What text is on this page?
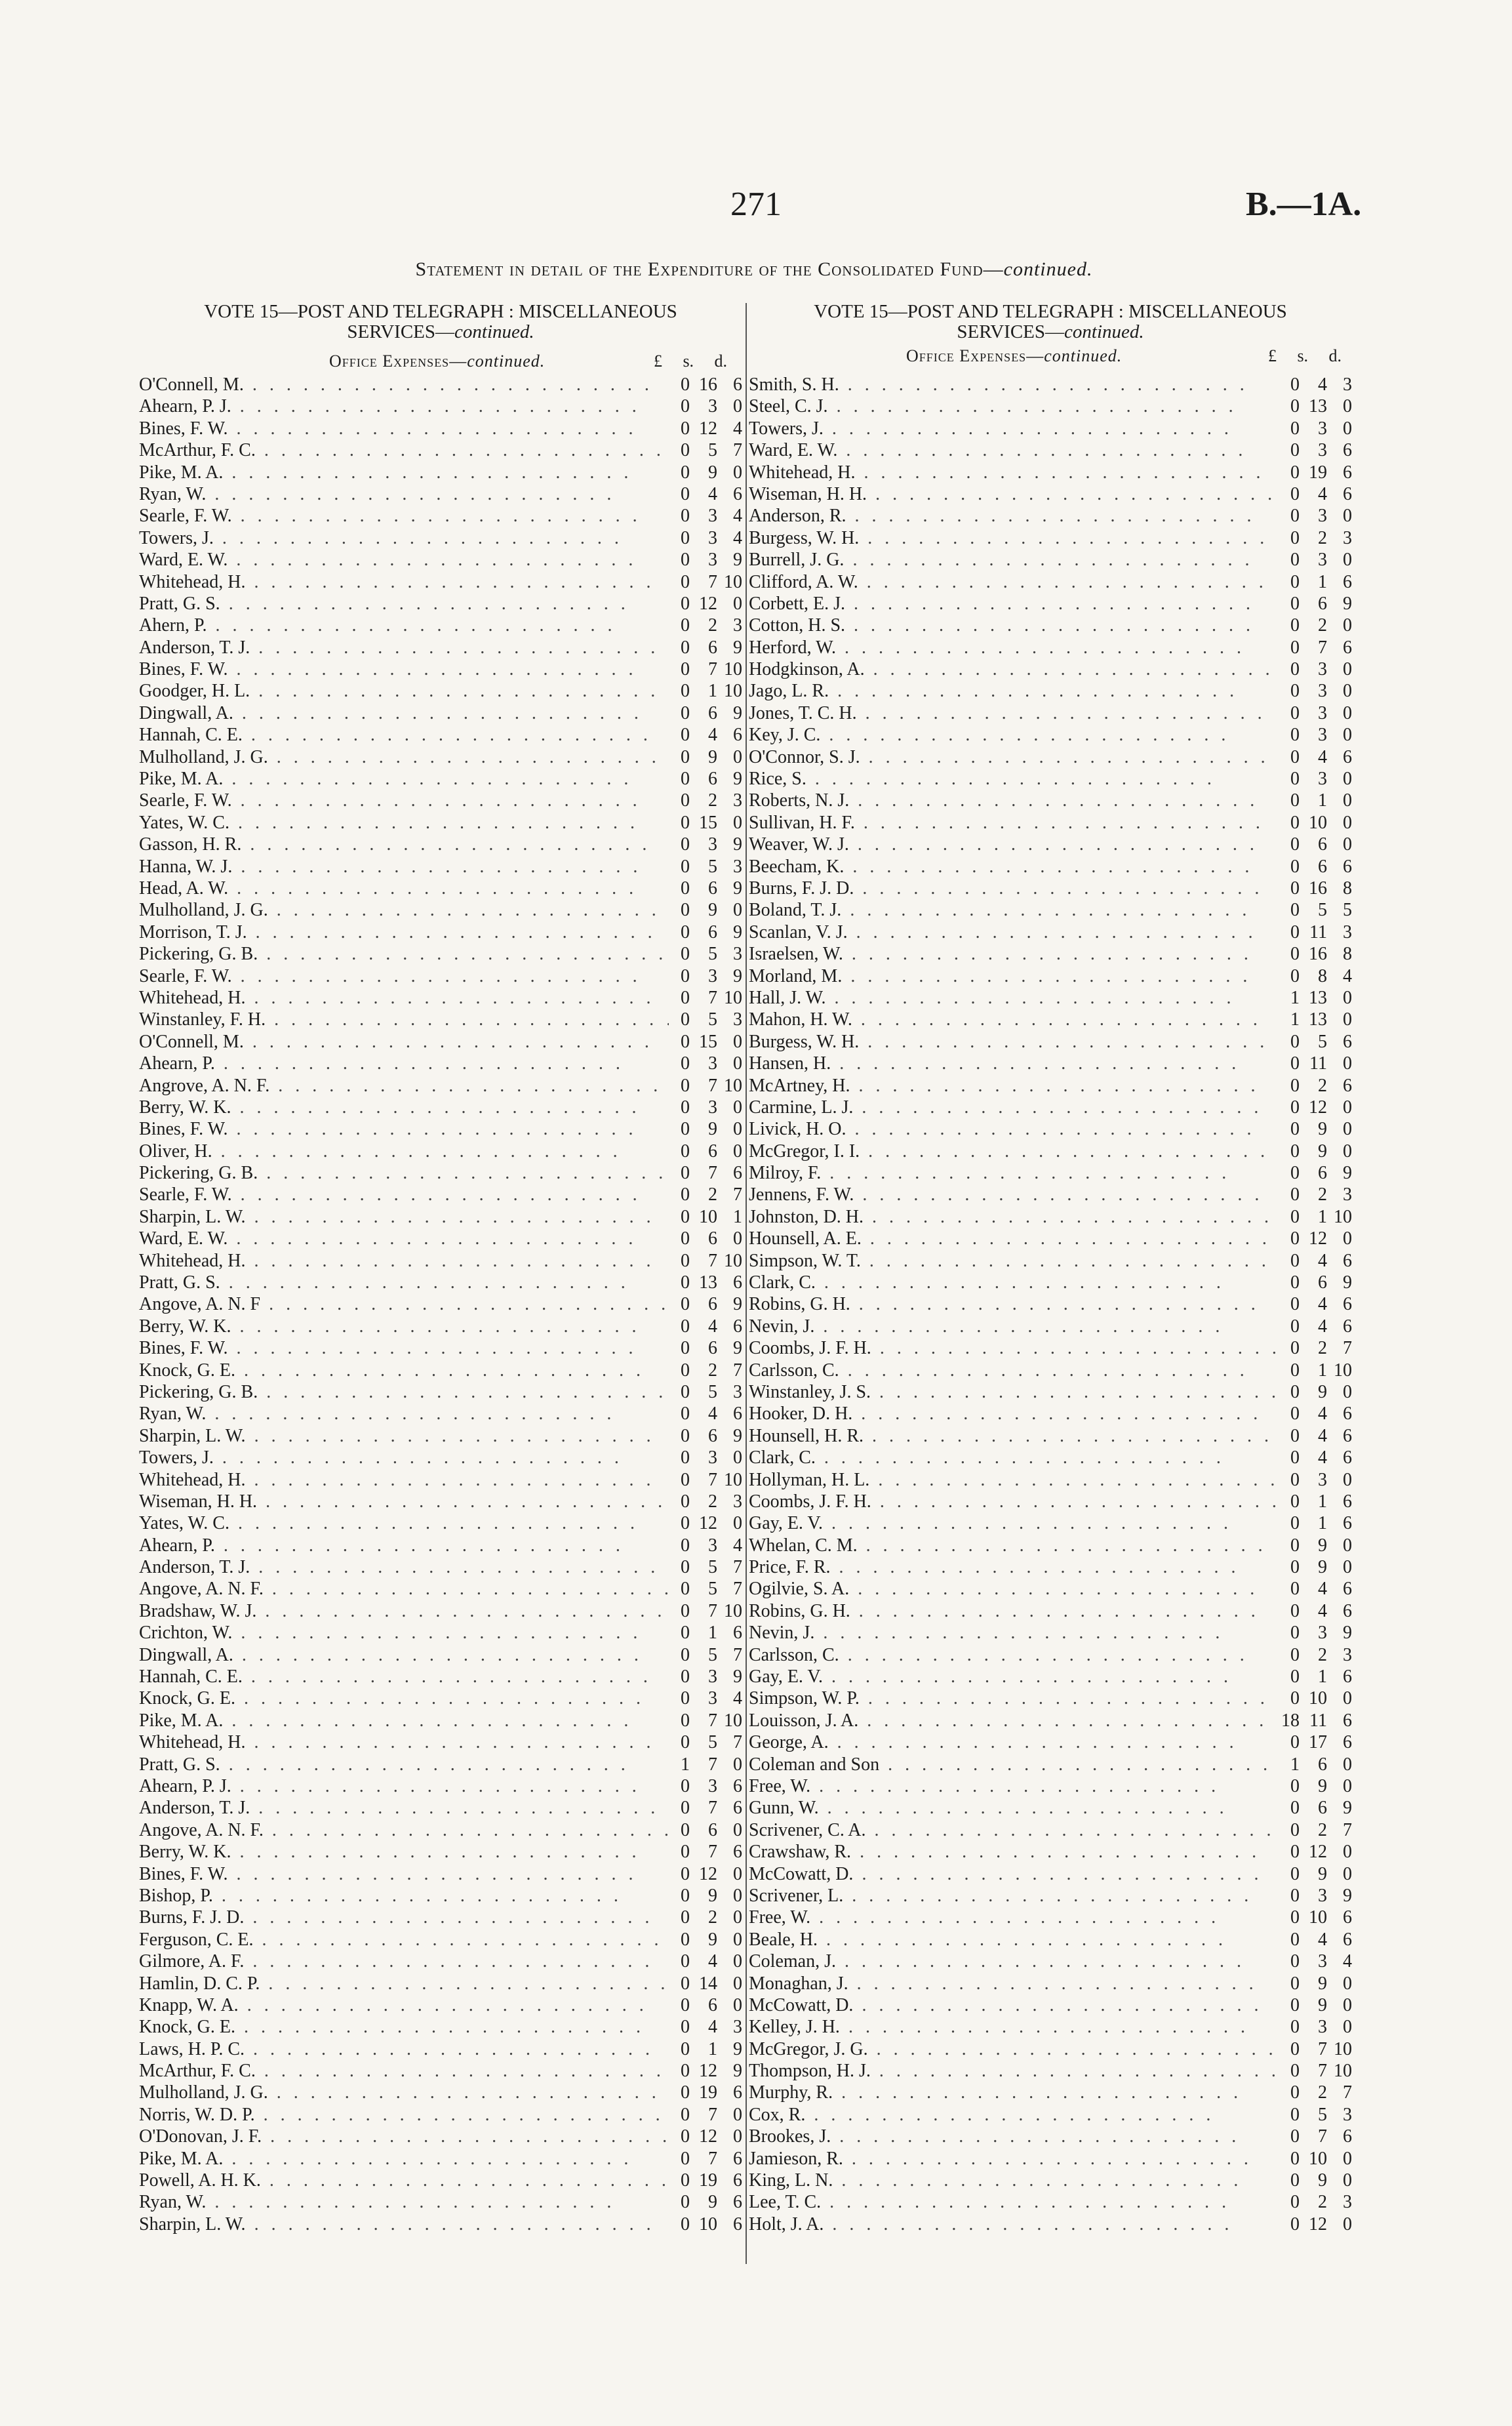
271	B.—1A.
Statement in detail of the Expenditure of the Consolidated Fund—continued.
VOTE 15—POST AND TELEGRAPH : MISCELLANEOUS
SERVICES—continued.
Office Expenses—continued.	£ s. d.
O'Connell, M. . .	0 16 6
Ahearn, P. J. . .	0	3 0
Bines, F. W. . .	0 12 4
McArthur, F. C. . .	0	5 7
Pike, M. A. . .	0	9 0
Ryan, W. . .	0	4 6
Searle, F. W. . .	0	3 4
Towers, J. . .	0	3 4
Ward, E. W. . .	0	3 9
Whitehead, H. . .	0	7 10
Pratt, G. S. . .	0 12 0
Ahern, P. . .	0	2 3
Anderson, T. J. . .	0	6 9
Bines, F. W. . .	0	7 10
Goodger, H. L. . .	0	1 10
Dingwall, A. . .	0	6 9
Hannah, C. E. . .	0	4 6
Mulholland, J. G. . .	0	9 0
Pike, M. A. . .	0	6 9
Searle, F. W. . .	0	2 3
Yates, W. C. . .	0 15 0
Gasson, H. R. . .	0	3 9
Hanna, W. J. . .	0	5 3
Head, A. W. . .	0	6 9
Mulholland, J. G. . .	0	9 0
Morrison, T. J. . .	0	6 9
Pickering, G. B. . .	0	5 3
Searle, F. W. . .	0	3 9
Whitehead, H. . .	0	7 10
Winstanley, F. H. . .	0	5 3
O'Connell, M. . .	0 15 0
Ahearn, P. . .	0	3 0
Angrove, A. N. F. . .	0	7 10
Berry, W. K. . .	0	3 0
Bines, F. W. . .	0	9 0
Oliver, H. . .	0	6 0
Pickering, G. B. . .	0	7 6
Searle, F. W. . .	0	2 7
Sharpin, L. W. . .	0 10 1
Ward, E. W. . .	0	6 0
Whitehead, H. . .	0	7 10
Pratt, G. S. . .	0 13 6
Angove, A. N. F . .	0	6 9
Berry, W. K. . .	0	4 6
Bines, F. W. . .	0	6 9
Knock, G. E. . .	0	2 7
Pickering, G. B. . .	0	5 3
Ryan, W. . .	0	4 6
Sharpin, L. W. . .	0	6 9
Towers, J. . .	0	3 0
Whitehead, H. . .	0	7 10
Wiseman, H. H. . .	0	2 3
Yates, W. C. . .	0 12 0
Ahearn, P. . .	0	3 4
Anderson, T. J. . .	0	5 7
Angove, A. N. F. . .	0	5 7
Bradshaw, W. J. . .	0	7 10
Crichton, W. . .	0	1 6
Dingwall, A. . .	0	5 7
Hannah, C. E. . .	0	3 9
Knock, G. E. . .	0	3 4
Pike, M. A. . .	0	7 10
Whitehead, H. . .	0	5 7
Pratt, G. S. . .	1	7 0
Ahearn, P. J. . .	0	3 6
Anderson, T. J. . .	0	7 6
Angove, A. N. F. . .	0	6 0
Berry, W. K. . .	0	7 6
Bines, F. W. . .	0 12 0
Bishop, P. . .	0	9 0
Burns, F. J. D. . .	0	2 0
Ferguson, C. E. . .	0	9 0
Gilmore, A. F. . .	0	4 0
Hamlin, D. C. P. . .	0 14 0
Knapp, W. A. . .	0	6 0
Knock, G. E. . .	0	4 3
Laws, H. P. C. . .	0	1 9
McArthur, F. C. . .	0 12 9
Mulholland, J. G. . .	0 19 6
Norris, W. D. P. . .	0	7 0
O'Donovan, J. F. . .	0 12 0
Pike, M. A. . .	0	7 6
Powell, A. H. K. . .	0 19 6
Ryan, W. . .	0	9 6
Sharpin, L. W. . .	0 10 6
VOTE 15—POST AND TELEGRAPH : MISCELLANEOUS
SERVICES—continued.
Office Expenses—continued.	£ s. d.
Smith, S. H. . .	0	4 3
Steel, C. J. . .	0 13 0
Towers, J. . .	0	3 0
Ward, E. W. . .	0	3 6
Whitehead, H. . .	0 19 6
Wiseman, H. H. . .	0	4 6
Anderson, R. . .	0	3 0
Burgess, W. H. . .	0	2 3
Burrell, J. G. . .	0	3 0
Clifford, A. W. . .	0	1 6
Corbett, E. J. . .	0	6 9
Cotton, H. S. . .	0	2 0
Herford, W. . .	0	7 6
Hodgkinson, A. . .	0	3 0
Jago, L. R. . .	0	3 0
Jones, T. C. H. . .	0	3 0
Key, J. C. . .	0	3 0
O'Connor, S. J. . .	0	4 6
Rice, S. . .	0	3 0
Roberts, N. J. . .	0	1 0
Sullivan, H. F. . .	0 10 0
Weaver, W. J. . .	0	6 0
Beecham, K. . .	0	6 6
Burns, F. J. D. . .	0 16 8
Boland, T. J. . .	0	5 5
Scanlan, V. J. . .	0 11 3
Israelsen, W. . .	0 16 8
Morland, M. . .	0	8 4
Hall, J. W. . .	1 13 0
Mahon, H. W. . .	1 13 0
Burgess, W. H. . .	0	5 6
Hansen, H. . .	0 11 0
McArtney, H. . .	0	2 6
Carmine, L. J. . .	0 12 0
Livick, H. O. . .	0	9 0
McGregor, I. I. . .	0	9 0
Milroy, F. . .	0	6 9
Jennens, F. W. . .	0	2 3
Johnston, D. H. . .	0	1 10
Hounsell, A. E. . .	0 12 0
Simpson, W. T. . .	0	4 6
Clark, C. . .	0	6 9
Robins, G. H. . .	0	4 6
Nevin, J. . .	0	4 6
Coombs, J. F. H. . .	0	2 7
Carlsson, C. . .	0	1 10
Winstanley, J. S. . .	0	9 0
Hooker, D. H. . .	0	4 6
Hounsell, H. R. . .	0	4 6
Clark, C. . .	0	4 6
Hollyman, H. L. . .	0	3 0
Coombs, J. F. H. . .	0	1 6
Gay, E. V. . .	0	1 6
Whelan, C. M. . .	0	9 0
Price, F. R. . .	0	9 0
Ogilvie, S. A. . .	0	4 6
Robins, G. H. . .	0	4 6
Nevin, J. . .	0	3 9
Carlsson, C. . .	0	2 3
Gay, E. V. . .	0	1 6
Simpson, W. P. . .	0 10 0
Louisson, J. A. . .	18 11 6
George, A. . .	0 17 6
Coleman and Son . .	1	6 0
Free, W. . .	0	9 0
Gunn, W. . .	0	6 9
Scrivener, C. A. . .	0	2 7
Crawshaw, R. . .	0 12 0
McCowatt, D. . .	0	9 0
Scrivener, L. . .	0	3 9
Free, W. . .	0 10 6
Beale, H. . .	0	4 6
Coleman, J. . .	0	3 4
Monaghan, J. . .	0	9 0
McCowatt, D. . .	0	9 0
Kelley, J. H. . .	0	3 0
McGregor, J. G. . .	0	7 10
Thompson, H. J. . .	0	7 10
Murphy, R. . .	0	2 7
Cox, R. . .	0	5 3
Brookes, J. . .	0	7 6
Jamieson, R. . .	0 10 0
King, L. N. . .	0	9 0
Lee, T. C. . .	0	2 3
Holt, J. A. . .	0 12 0
